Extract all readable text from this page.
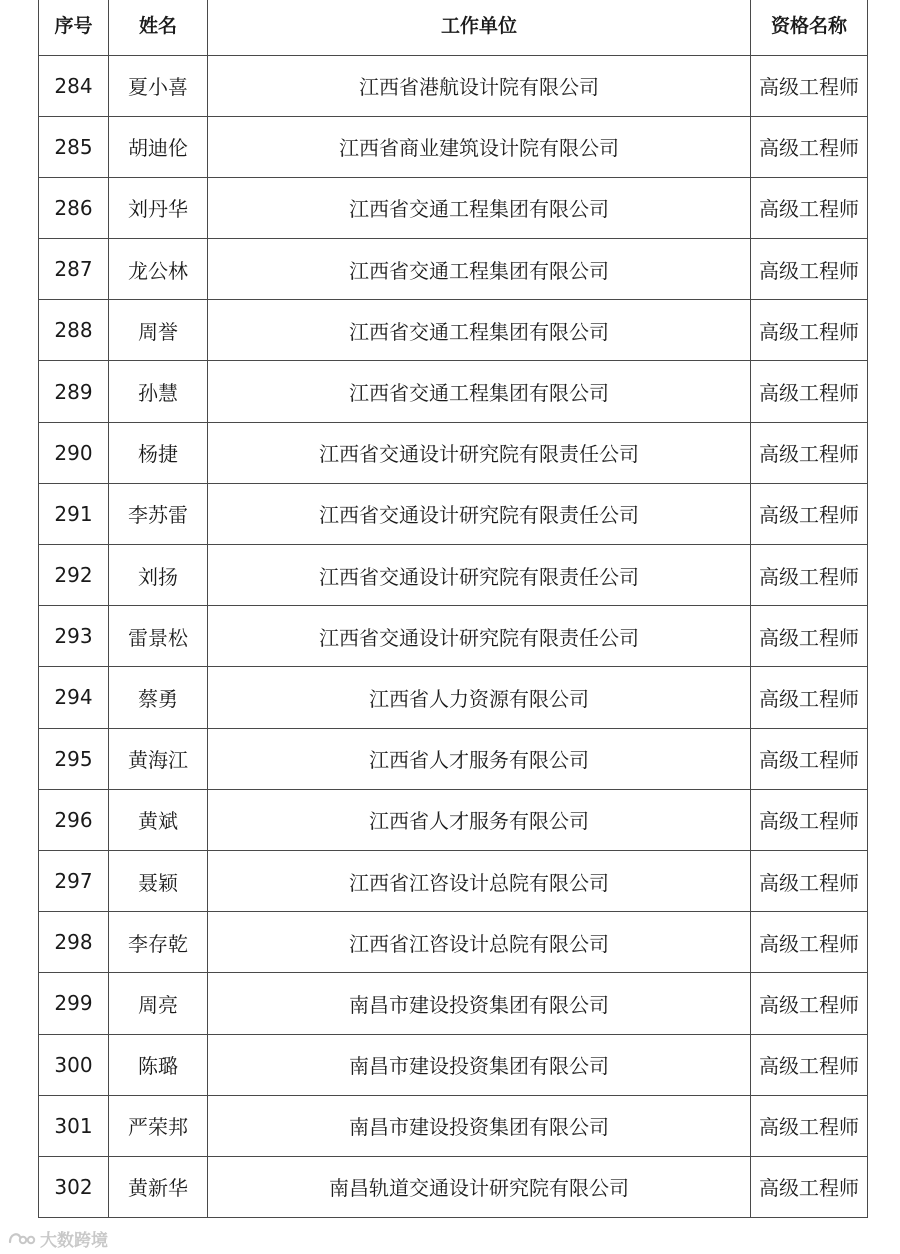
序号	姓名	工作单位	资格名称
284	夏小喜	江西省港航设计院有限公司	高级工程师
285	胡迪伦	江西省商业建筑设计院有限公司	高级工程师
286	刘丹华	江西省交通工程集团有限公司	高级工程师
287	龙公林	江西省交通工程集团有限公司	高级工程师
288	周誉	江西省交通工程集团有限公司	高级工程师
289	孙慧	江西省交通工程集团有限公司	高级工程师
290	杨捷	江西省交通设计研究院有限责任公司	高级工程师
291	李苏雷	江西省交通设计研究院有限责任公司	高级工程师
292	刘扬	江西省交通设计研究院有限责任公司	高级工程师
293	雷景松	江西省交通设计研究院有限责任公司	高级工程师
294	蔡勇	江西省人力资源有限公司	高级工程师
295	黄海江	江西省人才服务有限公司	高级工程师
296	黄斌	江西省人才服务有限公司	高级工程师
297	聂颖	江西省江咨设计总院有限公司	高级工程师
298	李存乾	江西省江咨设计总院有限公司	高级工程师
299	周亮	南昌市建设投资集团有限公司	高级工程师
300	陈璐	南昌市建设投资集团有限公司	高级工程师
301	严荣邦	南昌市建设投资集团有限公司	高级工程师
302	黄新华	南昌轨道交通设计研究院有限公司	高级工程师
大数跨境
